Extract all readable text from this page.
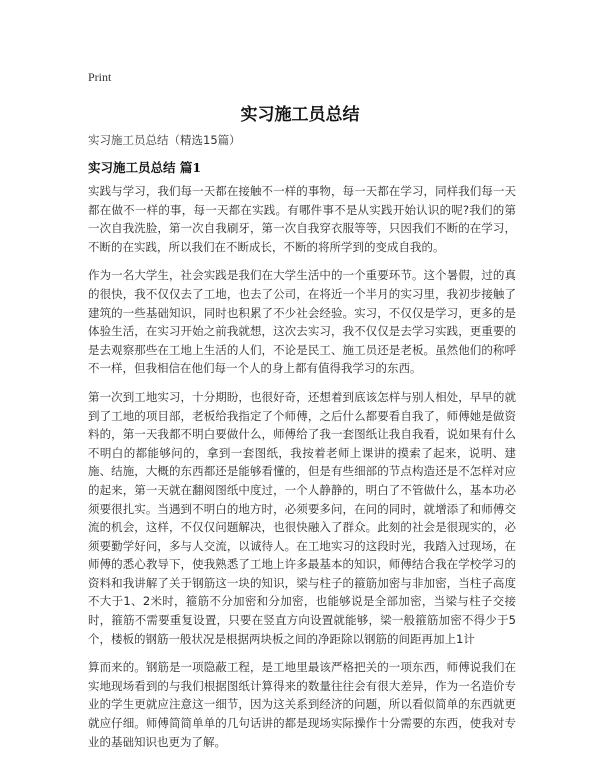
Print
实习施工员总结
实习施工员总结（精选15篇）
实习施工员总结 篇1

实践与学习，我们每一天都在接触不一样的事物，每一天都在学习，同样我们每一天都在做不一样的事，每一天都在实践。有哪件事不是从实践开始认识的呢?我们的第一次自我洗脸，第一次自我刷牙，第一次自我穿衣服等等，只因我们不断的在学习，不断的在实践，所以我们在不断成长，不断的将所学到的变成自我的。

作为一名大学生，社会实践是我们在大学生活中的一个重要环节。这个暑假，过的真的很快，我不仅仅去了工地，也去了公司，在将近一个半月的实习里，我初步接触了建筑的一些基础知识，同时也积累了不少社会经验。实习，不仅仅是学习，更多的是体验生活，在实习开始之前我就想，这次去实习，我不仅仅是去学习实践，更重要的是去观察那些在工地上生活的人们，不论是民工、施工员还是老板。虽然他们的称呼不一样，但我相信在他们每一个人的身上都有值得我学习的东西。

第一次到工地实习，十分期盼，也很好奇，还想着到底该怎样与别人相处，早早的就到了工地的项目部，老板给我指定了个师傅，之后什么都要看自我了，师傅她是做资料的，第一天我都不明白要做什么，师傅给了我一套图纸让我自我看，说如果有什么不明白的都能够问的，拿到一套图纸，我按着老师上课讲的摸索了起来，说明、建施、结施，大概的东西都还是能够看懂的，但是有些细部的节点构造还是不怎样对应的起来，第一天就在翻阅图纸中度过，一个人静静的，明白了不管做什么，基本功必须要很扎实。当遇到不明白的地方时，必须要多问，在问的同时，就增添了和师傅交流的机会，这样，不仅仅问题解决，也很快融入了群众。此刻的社会是很现实的，必须要勤学好问，多与人交流，以诚待人。在工地实习的这段时光，我踏入过现场，在师傅的悉心教导下，使我熟悉了工地上许多最基本的知识，师傅结合我在学校学习的资料和我讲解了关于钢筋这一块的知识，梁与柱子的箍筋加密与非加密，当柱子高度不大于1、2米时，箍筋不分加密和分加密，也能够说是全部加密，当梁与柱子交接时，箍筋不需要重复设置，只要在竖直方向设置就能够，梁一般箍筋加密不得少于5个，楼板的钢筋一般状况是根据两块板之间的净距除以钢筋的间距再加上1计

算而来的。钢筋是一项隐蔽工程，是工地里最该严格把关的一项东西，师傅说我们在实地现场看到的与我们根据图纸计算得来的数量往往会有很大差异，作为一名造价专业的学生更就应注意这一细节，因为这关系到经济的问题，所以看似简单的东西就更就应仔细。师傅简简单单的几句话讲的都是现场实际操作十分需要的东西，使我对专业的基础知识也更为了解。
